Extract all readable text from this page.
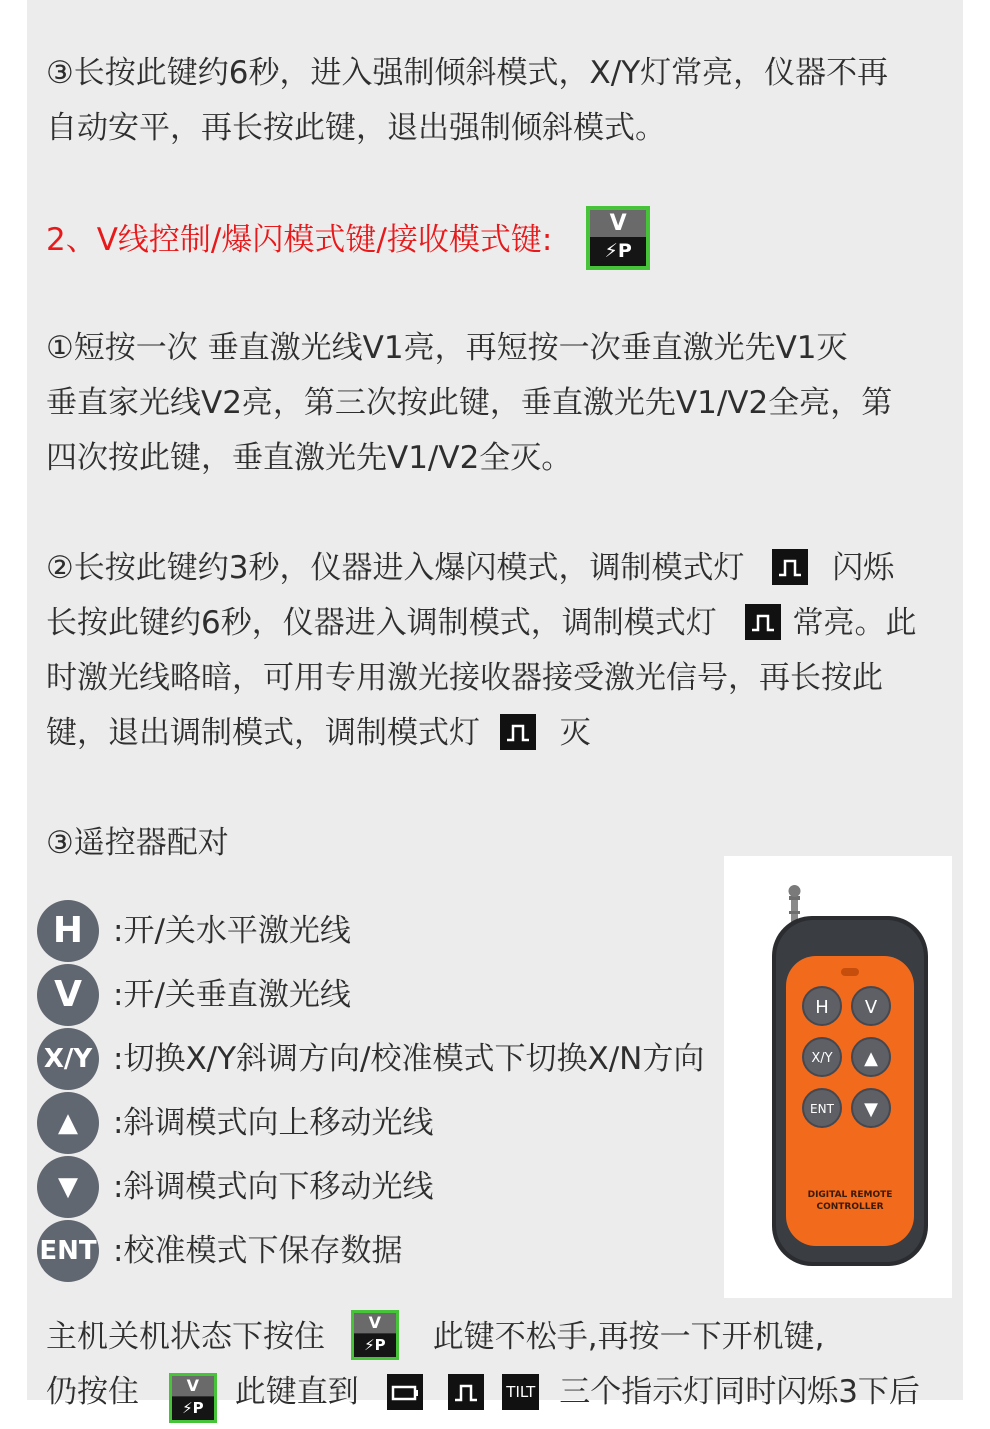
③长按此键约6秒，进入强制倾斜模式，X/Y灯常亮，仪器不再

自动安平，再长按此键，退出强制倾斜模式。

2、V线控制/爆闪模式键/接收模式键:	V
⚡P

①短按一次 垂直激光线V1亮，再短按一次垂直激光先V1灭

垂直家光线V2亮，第三次按此键，垂直激光先V1/V2全亮，第

四次按此键，垂直激光先V1/V2全灭。

②长按此键约3秒，仪器进入爆闪模式，调制模式灯	闪烁
长按此键约6秒，仪器进入调制模式，调制模式灯 常亮。此

时激光线略暗，可用专用激光接收器接受激光信号，再长按此

键，退出调制模式，调制模式灯	灭

③遥控器配对

H :开/关水平激光线
V	:开/关垂直激光线
X/Y :切换X/Y斜调方向/校准模式下切换X/N方向
▲	:斜调模式向上移动光线
▼	:斜调模式向下移动光线
ENT :校准模式下保存数据
H V
X/Y ▲
ENT ▼
DIGITAL REMOTE
CONTROLLER
主机关机状态下按住	V
⚡P	此键不松手,再按一下开机键,
仍按住	V
⚡P	此键直到	TILT 三个指示灯同时闪烁3下后
